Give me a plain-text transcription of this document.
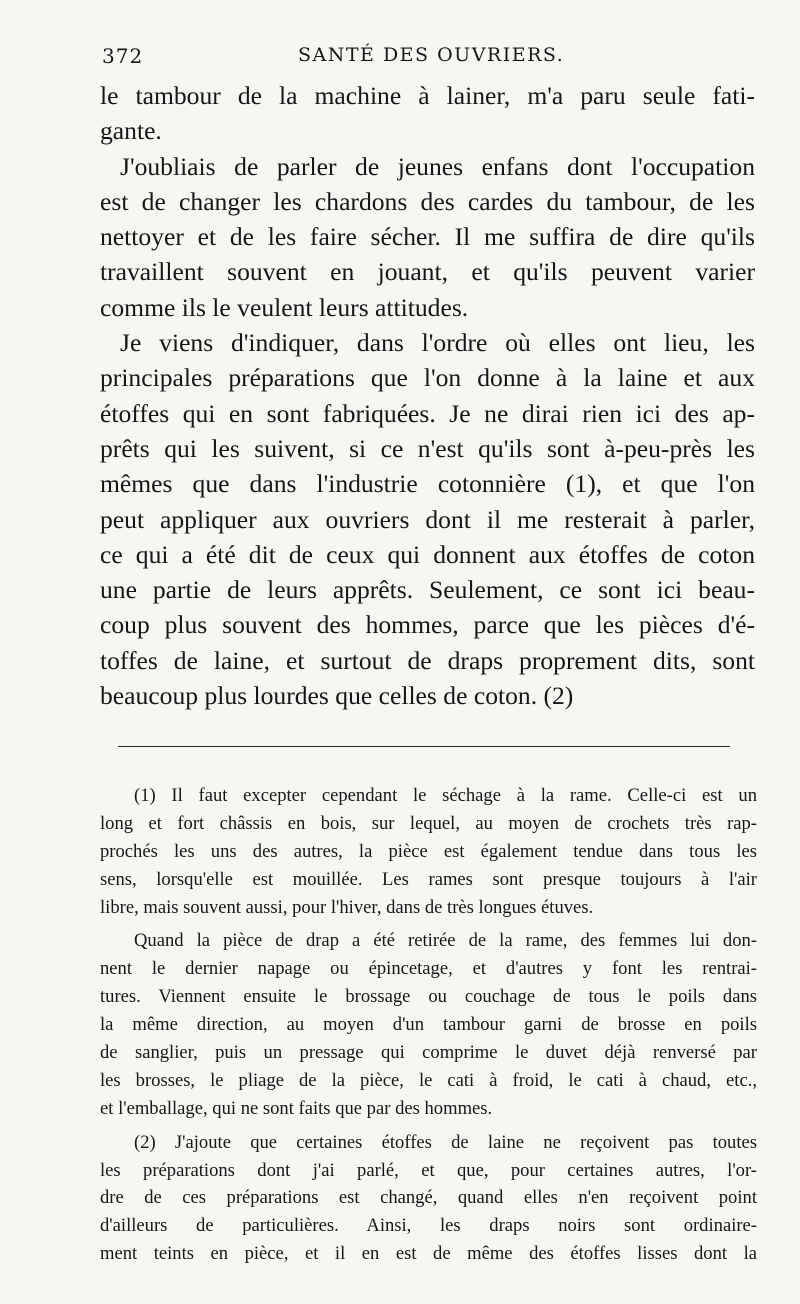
372	SANTÉ DES OUVRIERS.
le tambour de la machine à lainer, m'a paru seule fati-
gante.
J'oubliais de parler de jeunes enfans dont l'occupation
est de changer les chardons des cardes du tambour, de les
nettoyer et de les faire sécher. Il me suffira de dire qu'ils
travaillent souvent en jouant, et qu'ils peuvent varier
comme ils le veulent leurs attitudes.
Je viens d'indiquer, dans l'ordre où elles ont lieu, les
principales préparations que l'on donne à la laine et aux
étoffes qui en sont fabriquées. Je ne dirai rien ici des ap-
prêts qui les suivent, si ce n'est qu'ils sont à-peu-près les
mêmes que dans l'industrie cotonnière (1), et que l'on
peut appliquer aux ouvriers dont il me resterait à parler,
ce qui a été dit de ceux qui donnent aux étoffes de coton
une partie de leurs apprêts. Seulement, ce sont ici beau-
coup plus souvent des hommes, parce que les pièces d'é-
toffes de laine, et surtout de draps proprement dits, sont
beaucoup plus lourdes que celles de coton. (2)
(1) Il faut excepter cependant le séchage à la rame. Celle-ci est un
long et fort châssis en bois, sur lequel, au moyen de crochets très rap-
prochés les uns des autres, la pièce est également tendue dans tous les
sens, lorsqu'elle est mouillée. Les rames sont presque toujours à l'air
libre, mais souvent aussi, pour l'hiver, dans de très longues étuves.
Quand la pièce de drap a été retirée de la rame, des femmes lui don-
nent le dernier napage ou épincetage, et d'autres y font les rentrai-
tures. Viennent ensuite le brossage ou couchage de tous le poils dans
la même direction, au moyen d'un tambour garni de brosse en poils
de sanglier, puis un pressage qui comprime le duvet déjà renversé par
les brosses, le pliage de la pièce, le cati à froid, le cati à chaud, etc.,
et l'emballage, qui ne sont faits que par des hommes.
(2) J'ajoute que certaines étoffes de laine ne reçoivent pas toutes
les préparations dont j'ai parlé, et que, pour certaines autres, l'or-
dre de ces préparations est changé, quand elles n'en reçoivent point
d'ailleurs de particulières. Ainsi, les draps noirs sont ordinaire-
ment teints en pièce, et il en est de même des étoffes lisses dont la
